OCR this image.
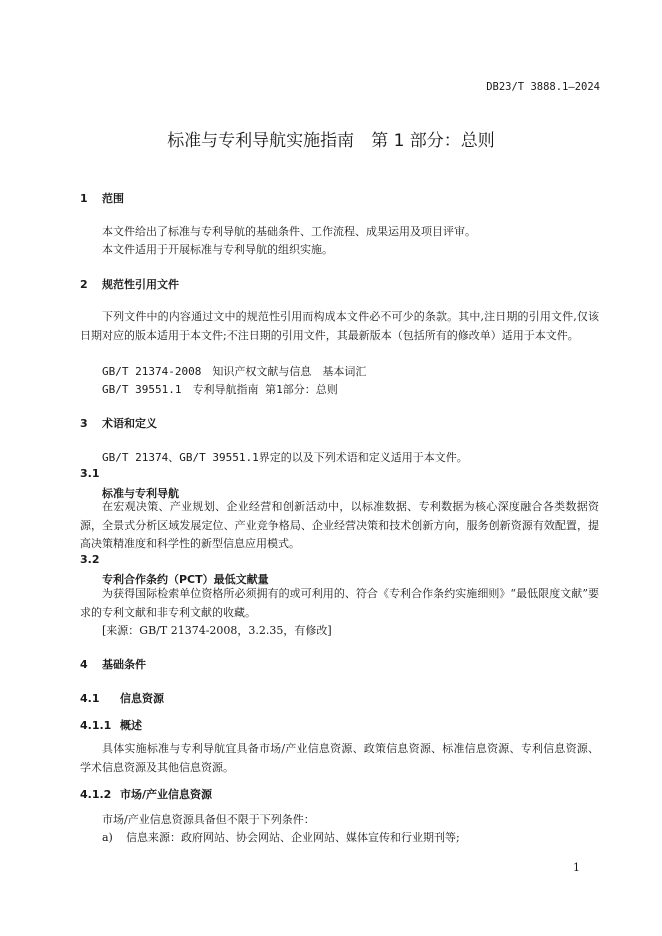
DB23/T 3888.1—2024
标准与专利导航实施指南　第 1 部分：总则
1 范围
本文件给出了标准与专利导航的基础条件、工作流程、成果运用及项目评审。
本文件适用于开展标准与专利导航的组织实施。
2 规范性引用文件
下列文件中的内容通过文中的规范性引用而构成本文件必不可少的条款。其中,注日期的引用文件,仅该日期对应的版本适用于本文件;不注日期的引用文件，其最新版本（包括所有的修改单）适用于本文件。
GB/T 21374-2008　知识产权文献与信息　基本词汇
GB/T 39551.1　专利导航指南 第1部分：总则
3 术语和定义
GB/T 21374、GB/T 39551.1界定的以及下列术语和定义适用于本文件。
3.1
标准与专利导航
在宏观决策、产业规划、企业经营和创新活动中，以标准数据、专利数据为核心深度融合各类数据资源，全景式分析区域发展定位、产业竞争格局、企业经营决策和技术创新方向，服务创新资源有效配置，提高决策精准度和科学性的新型信息应用模式。
3.2
专利合作条约（PCT）最低文献量
为获得国际检索单位资格所必须拥有的或可利用的、符合《专利合作条约实施细则》“最低限度文献”要求的专利文献和非专利文献的收藏。
[来源：GB/T 21374-2008，3.2.35，有修改]
4 基础条件
4.1 信息资源
4.1.1 概述
具体实施标准与专利导航宜具备市场/产业信息资源、政策信息资源、标准信息资源、专利信息资源、学术信息资源及其他信息资源。
4.1.2 市场/产业信息资源
市场/产业信息资源具备但不限于下列条件：
a) 信息来源：政府网站、协会网站、企业网站、媒体宣传和行业期刊等;
1
